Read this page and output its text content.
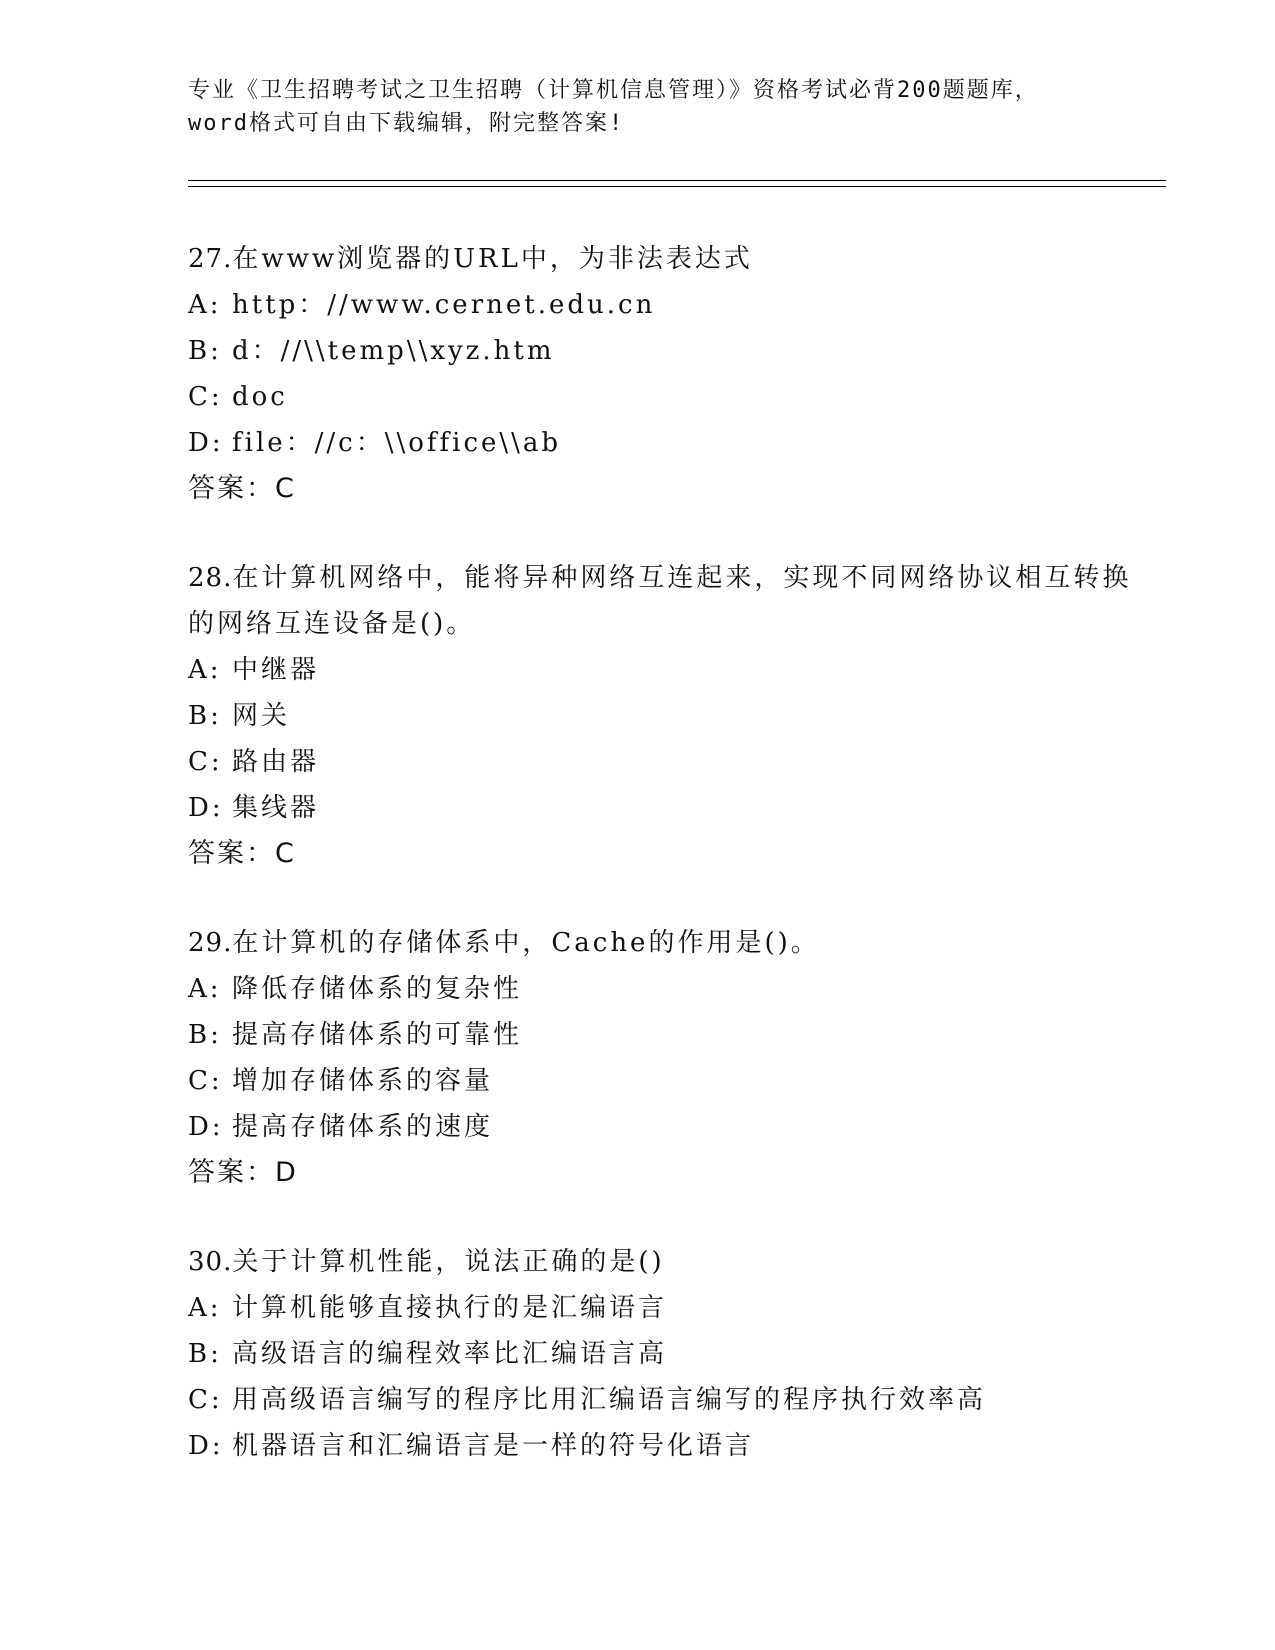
专业《卫生招聘考试之卫生招聘（计算机信息管理）》资格考试必背200题题库，
word格式可自由下载编辑，附完整答案!
27.在www浏览器的URL中，为非法表达式
A: http：//www.cernet.edu.cn
B: d：//\\temp\\xyz.htm
C: doc
D: file：//c：\\office\\ab
答案：C
28.在计算机网络中，能将异种网络互连起来，实现不同网络协议相互转换的网络互连设备是()。
A: 中继器
B: 网关
C: 路由器
D: 集线器
答案：C
29.在计算机的存储体系中，Cache的作用是()。
A: 降低存储体系的复杂性
B: 提高存储体系的可靠性
C: 增加存储体系的容量
D: 提高存储体系的速度
答案：D
30.关于计算机性能，说法正确的是()
A: 计算机能够直接执行的是汇编语言
B: 高级语言的编程效率比汇编语言高
C: 用高级语言编写的程序比用汇编语言编写的程序执行效率高
D: 机器语言和汇编语言是一样的符号化语言
